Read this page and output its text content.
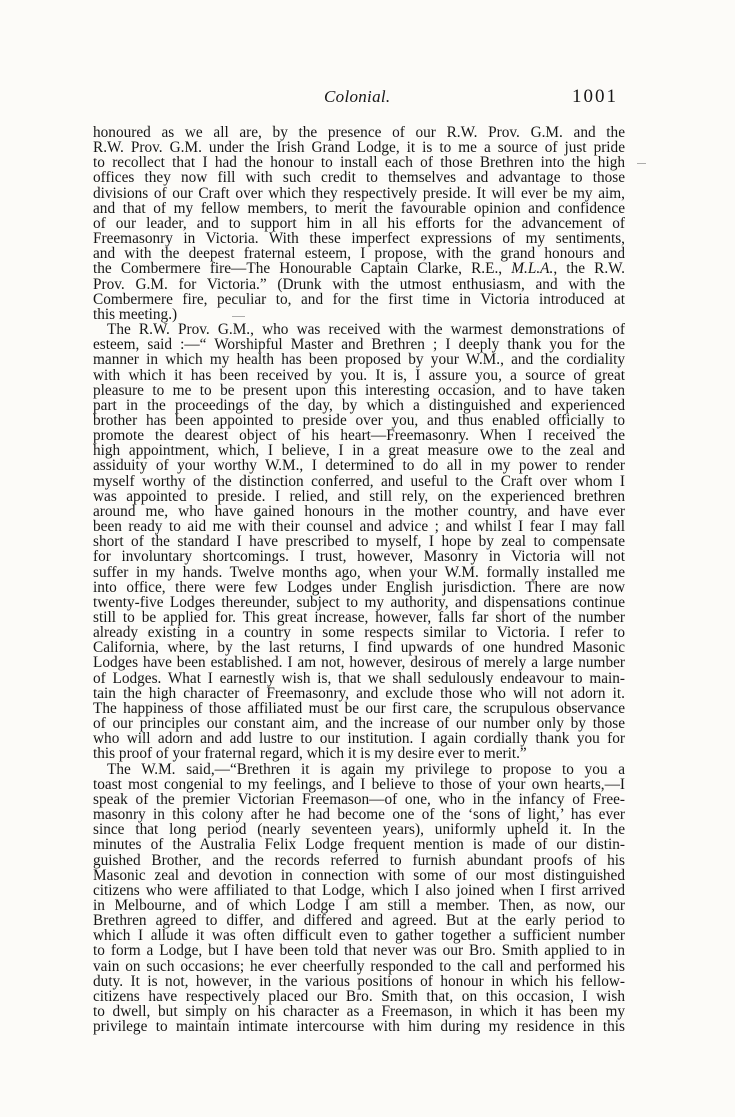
Colonial.	1001
honoured as we all are, by the presence of our R.W. Prov. G.M. and the
R.W. Prov. G.M. under the Irish Grand Lodge, it is to me a source of just pride
to recollect that I had the honour to install each of those Brethren into the high
offices they now fill with such credit to themselves and advantage to those
divisions of our Craft over which they respectively preside. It will ever be my aim,
and that of my fellow members, to merit the favourable opinion and confidence
of our leader, and to support him in all his efforts for the advancement of
Freemasonry in Victoria. With these imperfect expressions of my sentiments,
and with the deepest fraternal esteem, I propose, with the grand honours and
the Combermere fire—The Honourable Captain Clarke, R.E., M.L.A., the R.W.
Prov. G.M. for Victoria.” (Drunk with the utmost enthusiasm, and with the
Combermere fire, peculiar to, and for the first time in Victoria introduced at
this meeting.)
The R.W. Prov. G.M., who was received with the warmest demonstrations of
esteem, said :—“ Worshipful Master and Brethren ; I deeply thank you for the
manner in which my health has been proposed by your W.M., and the cordiality
with which it has been received by you. It is, I assure you, a source of great
pleasure to me to be present upon this interesting occasion, and to have taken
part in the proceedings of the day, by which a distinguished and experienced
brother has been appointed to preside over you, and thus enabled officially to
promote the dearest object of his heart—Freemasonry. When I received the
high appointment, which, I believe, I in a great measure owe to the zeal and
assiduity of your worthy W.M., I determined to do all in my power to render
myself worthy of the distinction conferred, and useful to the Craft over whom I
was appointed to preside. I relied, and still rely, on the experienced brethren
around me, who have gained honours in the mother country, and have ever
been ready to aid me with their counsel and advice ; and whilst I fear I may fall
short of the standard I have prescribed to myself, I hope by zeal to compensate
for involuntary shortcomings. I trust, however, Masonry in Victoria will not
suffer in my hands. Twelve months ago, when your W.M. formally installed me
into office, there were few Lodges under English jurisdiction. There are now
twenty-five Lodges thereunder, subject to my authority, and dispensations continue
still to be applied for. This great increase, however, falls far short of the number
already existing in a country in some respects similar to Victoria. I refer to
California, where, by the last returns, I find upwards of one hundred Masonic
Lodges have been established. I am not, however, desirous of merely a large number
of Lodges. What I earnestly wish is, that we shall sedulously endeavour to main-
tain the high character of Freemasonry, and exclude those who will not adorn it.
The happiness of those affiliated must be our first care, the scrupulous observance
of our principles our constant aim, and the increase of our number only by those
who will adorn and add lustre to our institution. I again cordially thank you for
this proof of your fraternal regard, which it is my desire ever to merit.”
The W.M. said,—“Brethren it is again my privilege to propose to you a
toast most congenial to my feelings, and I believe to those of your own hearts,—I
speak of the premier Victorian Freemason—of one, who in the infancy of Free-
masonry in this colony after he had become one of the ‘sons of light,’ has ever
since that long period (nearly seventeen years), uniformly upheld it. In the
minutes of the Australia Felix Lodge frequent mention is made of our distin-
guished Brother, and the records referred to furnish abundant proofs of his
Masonic zeal and devotion in connection with some of our most distinguished
citizens who were affiliated to that Lodge, which I also joined when I first arrived
in Melbourne, and of which Lodge I am still a member. Then, as now, our
Brethren agreed to differ, and differed and agreed. But at the early period to
which I allude it was often difficult even to gather together a sufficient number
to form a Lodge, but I have been told that never was our Bro. Smith applied to in
vain on such occasions; he ever cheerfully responded to the call and performed his
duty. It is not, however, in the various positions of honour in which his fellow-
citizens have respectively placed our Bro. Smith that, on this occasion, I wish
to dwell, but simply on his character as a Freemason, in which it has been my
privilege to maintain intimate intercourse with him during my residence in this
